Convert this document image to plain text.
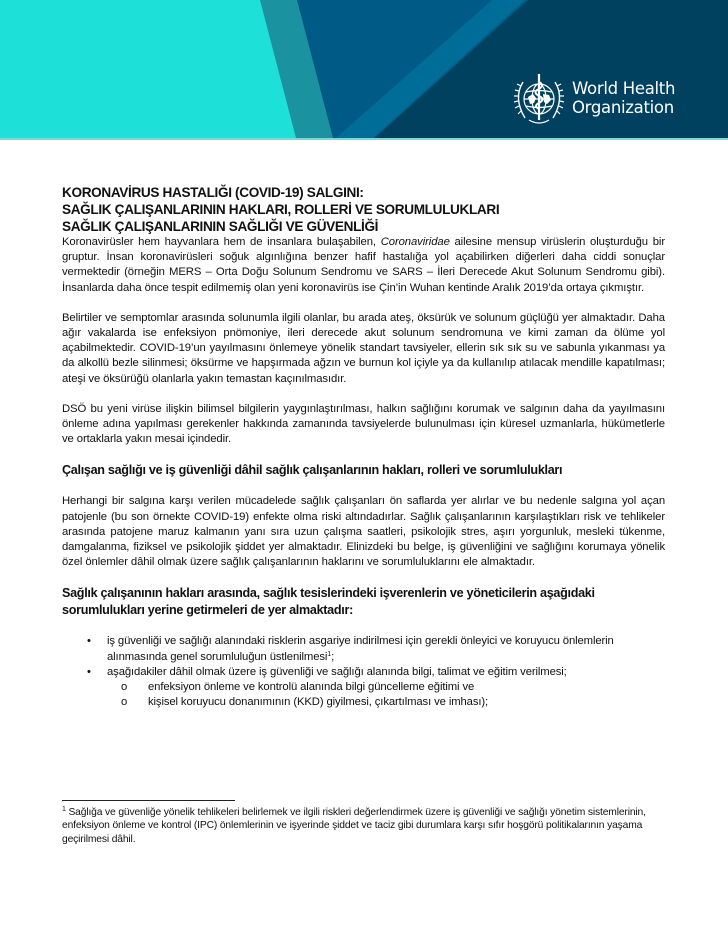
World Health
Organization
KORONAVİRUS HASTALIĞI (COVID-19) SALGINI:
SAĞLIK ÇALIŞANLARININ HAKLARI, ROLLERİ VE SORUMLULUKLARI
SAĞLIK ÇALIŞANLARININ SAĞLIĞI VE GÜVENLİĞİ

Koronavirüsler hem hayvanlara hem de insanlara bulaşabilen, Coronaviridae ailesine mensup virüslerin oluşturduğu bir gruptur. İnsan koronavirüsleri soğuk algınlığına benzer hafif hastalığa yol açabilirken diğerleri daha ciddi sonuçlar vermektedir (örneğin MERS – Orta Doğu Solunum Sendromu ve SARS – İleri Derecede Akut Solunum Sendromu gibi). İnsanlarda daha önce tespit edilmemiş olan yeni koronavirüs ise Çin’in Wuhan kentinde Aralık 2019’da ortaya çıkmıştır.

Belirtiler ve semptomlar arasında solunumla ilgili olanlar, bu arada ateş, öksürük ve solunum güçlüğü yer almaktadır. Daha ağır vakalarda ise enfeksiyon pnömoniye, ileri derecede akut solunum sendromuna ve kimi zaman da ölüme yol açabilmektedir. COVID-19’un yayılmasını önlemeye yönelik standart tavsiyeler, ellerin sık sık su ve sabunla yıkanması ya da alkollü bezle silinmesi; öksürme ve hapşırmada ağzın ve burnun kol içiyle ya da kullanılıp atılacak mendille kapatılması; ateşi ve öksürüğü olanlarla yakın temastan kaçınılmasıdır.

DSÖ bu yeni virüse ilişkin bilimsel bilgilerin yaygınlaştırılması, halkın sağlığını korumak ve salgının daha da yayılmasını önleme adına yapılması gerekenler hakkında zamanında tavsiyelerde bulunulması için küresel uzmanlarla, hükümetlerle ve ortaklarla yakın mesai içindedir.

Çalışan sağlığı ve iş güvenliği dâhil sağlık çalışanlarının hakları, rolleri ve sorumlulukları

Herhangi bir salgına karşı verilen mücadelede sağlık çalışanları ön saflarda yer alırlar ve bu nedenle salgına yol açan patojenle (bu son örnekte COVID-19) enfekte olma riski altındadırlar. Sağlık çalışanlarının karşılaştıkları risk ve tehlikeler arasında patojene maruz kalmanın yanı sıra uzun çalışma saatleri, psikolojik stres, aşırı yorgunluk, mesleki tükenme, damgalanma, fiziksel ve psikolojik şiddet yer almaktadır. Elinizdeki bu belge, iş güvenliğini ve sağlığını korumaya yönelik özel önlemler dâhil olmak üzere sağlık çalışanlarının haklarını ve sorumluluklarını ele almaktadır.

Sağlık çalışanının hakları arasında, sağlık tesislerindeki işverenlerin ve yöneticilerin aşağıdaki sorumlulukları yerine getirmeleri de yer almaktadır:
• iş güvenliği ve sağlığı alanındaki risklerin asgariye indirilmesi için gerekli önleyici ve koruyucu önlemlerin alınmasında genel sorumluluğun üstlenilmesi$^1$;
• aşağıdakiler dâhil olmak üzere iş güvenliği ve sağlığı alanında bilgi, talimat ve eğitim verilmesi;
o enfeksiyon önleme ve kontrolü alanında bilgi güncelleme eğitimi ve
o kişisel koruyucu donanımının (KKD) giyilmesi, çıkartılması ve imhası);
$^1$ Sağlığa ve güvenliğe yönelik tehlikeleri belirlemek ve ilgili riskleri değerlendirmek üzere iş güvenliği ve sağlığı yönetim sistemlerinin, enfeksiyon önleme ve kontrol (IPC) önlemlerinin ve işyerinde şiddet ve taciz gibi durumlara karşı sıfır hoşgörü politikalarının yaşama geçirilmesi dâhil.
